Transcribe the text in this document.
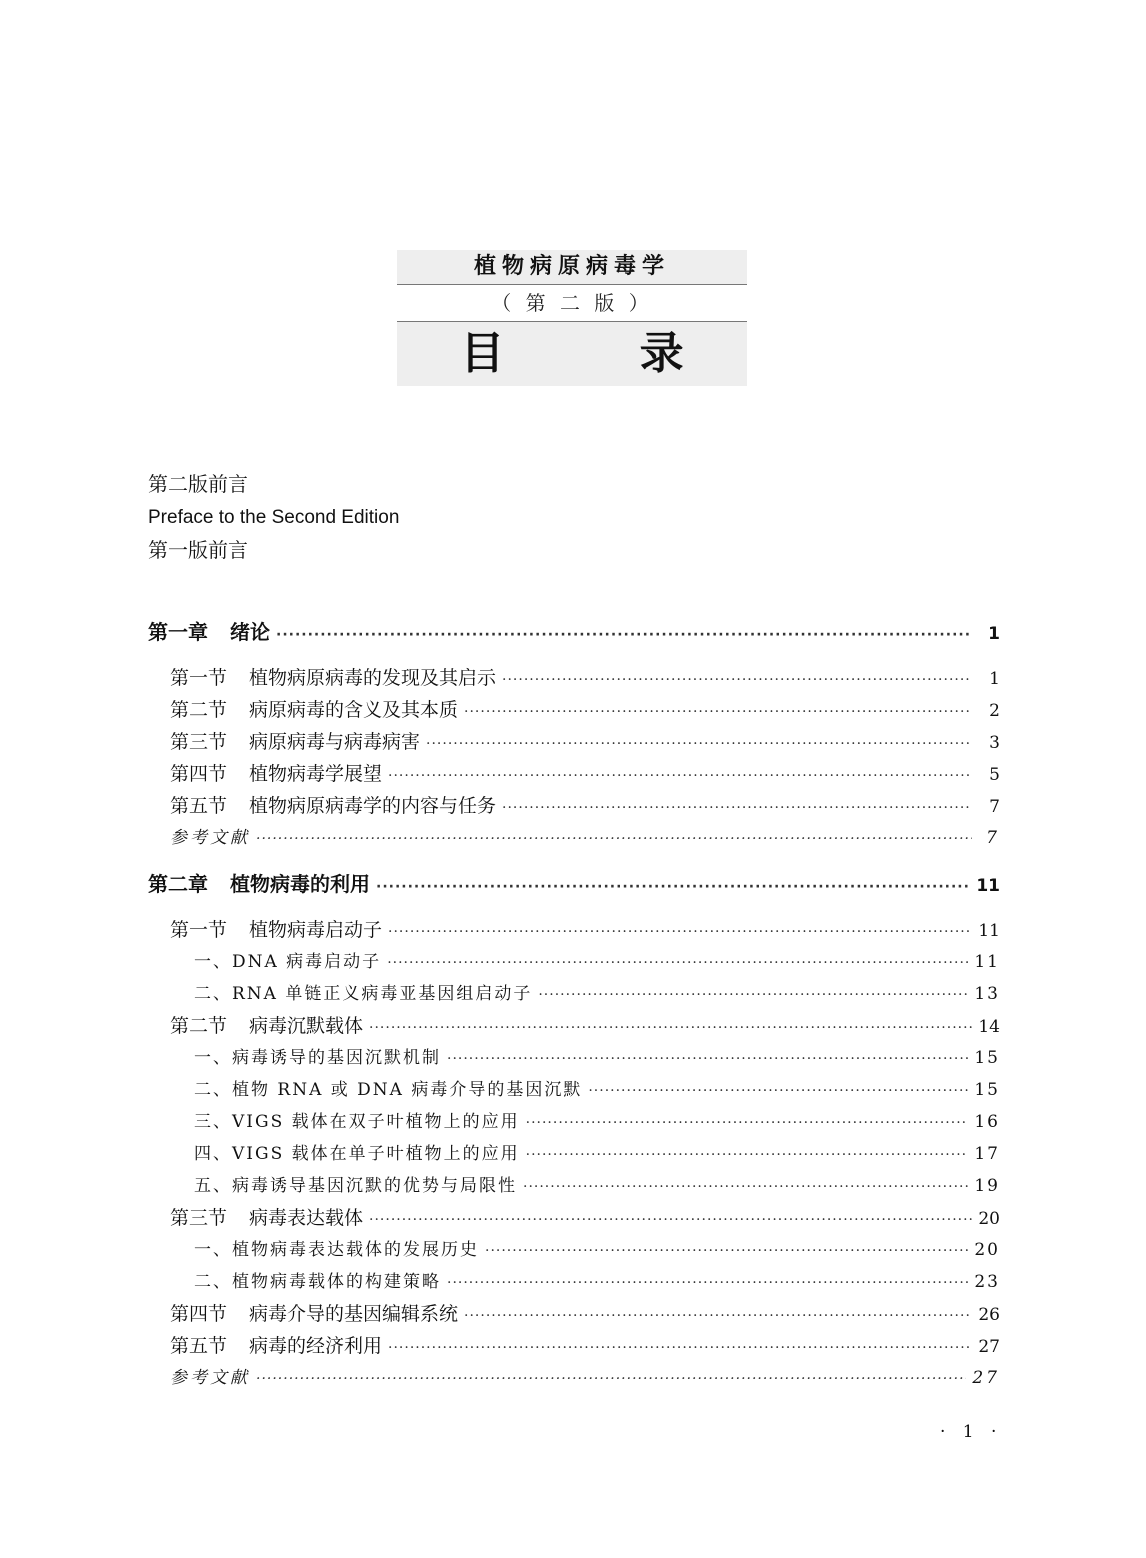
植物病原病毒学
（ 第 二 版 ）
目 录
第二版前言
Preface to the Second Edition
第一版前言
第一章 绪论 ·····	1
第一节 植物病原病毒的发现及其启示 ·····	1
第二节 病原病毒的含义及其本质 ·····	2
第三节 病原病毒与病毒病害 ·····	3
第四节 植物病毒学展望 ·····	5
第五节 植物病原病毒学的内容与任务 ·····	7
参考文献 ·····	7
第二章 植物病毒的利用 ·····	11
第一节 植物病毒启动子 ·····	11
一、DNA 病毒启动子 ·····	11
二、RNA 单链正义病毒亚基因组启动子 ·····	13
第二节 病毒沉默载体 ·····	14
一、病毒诱导的基因沉默机制 ·····	15
二、植物 RNA 或 DNA 病毒介导的基因沉默 ·····	15
三、VIGS 载体在双子叶植物上的应用 ·····	16
四、VIGS 载体在单子叶植物上的应用 ·····	17
五、病毒诱导基因沉默的优势与局限性 ·····	19
第三节 病毒表达载体 ·····	20
一、植物病毒表达载体的发展历史 ·····	20
二、植物病毒载体的构建策略 ·····	23
第四节 病毒介导的基因编辑系统 ·····	26
第五节 病毒的经济利用 ·····	27
参考文献 ·····	27
· 1 ·
